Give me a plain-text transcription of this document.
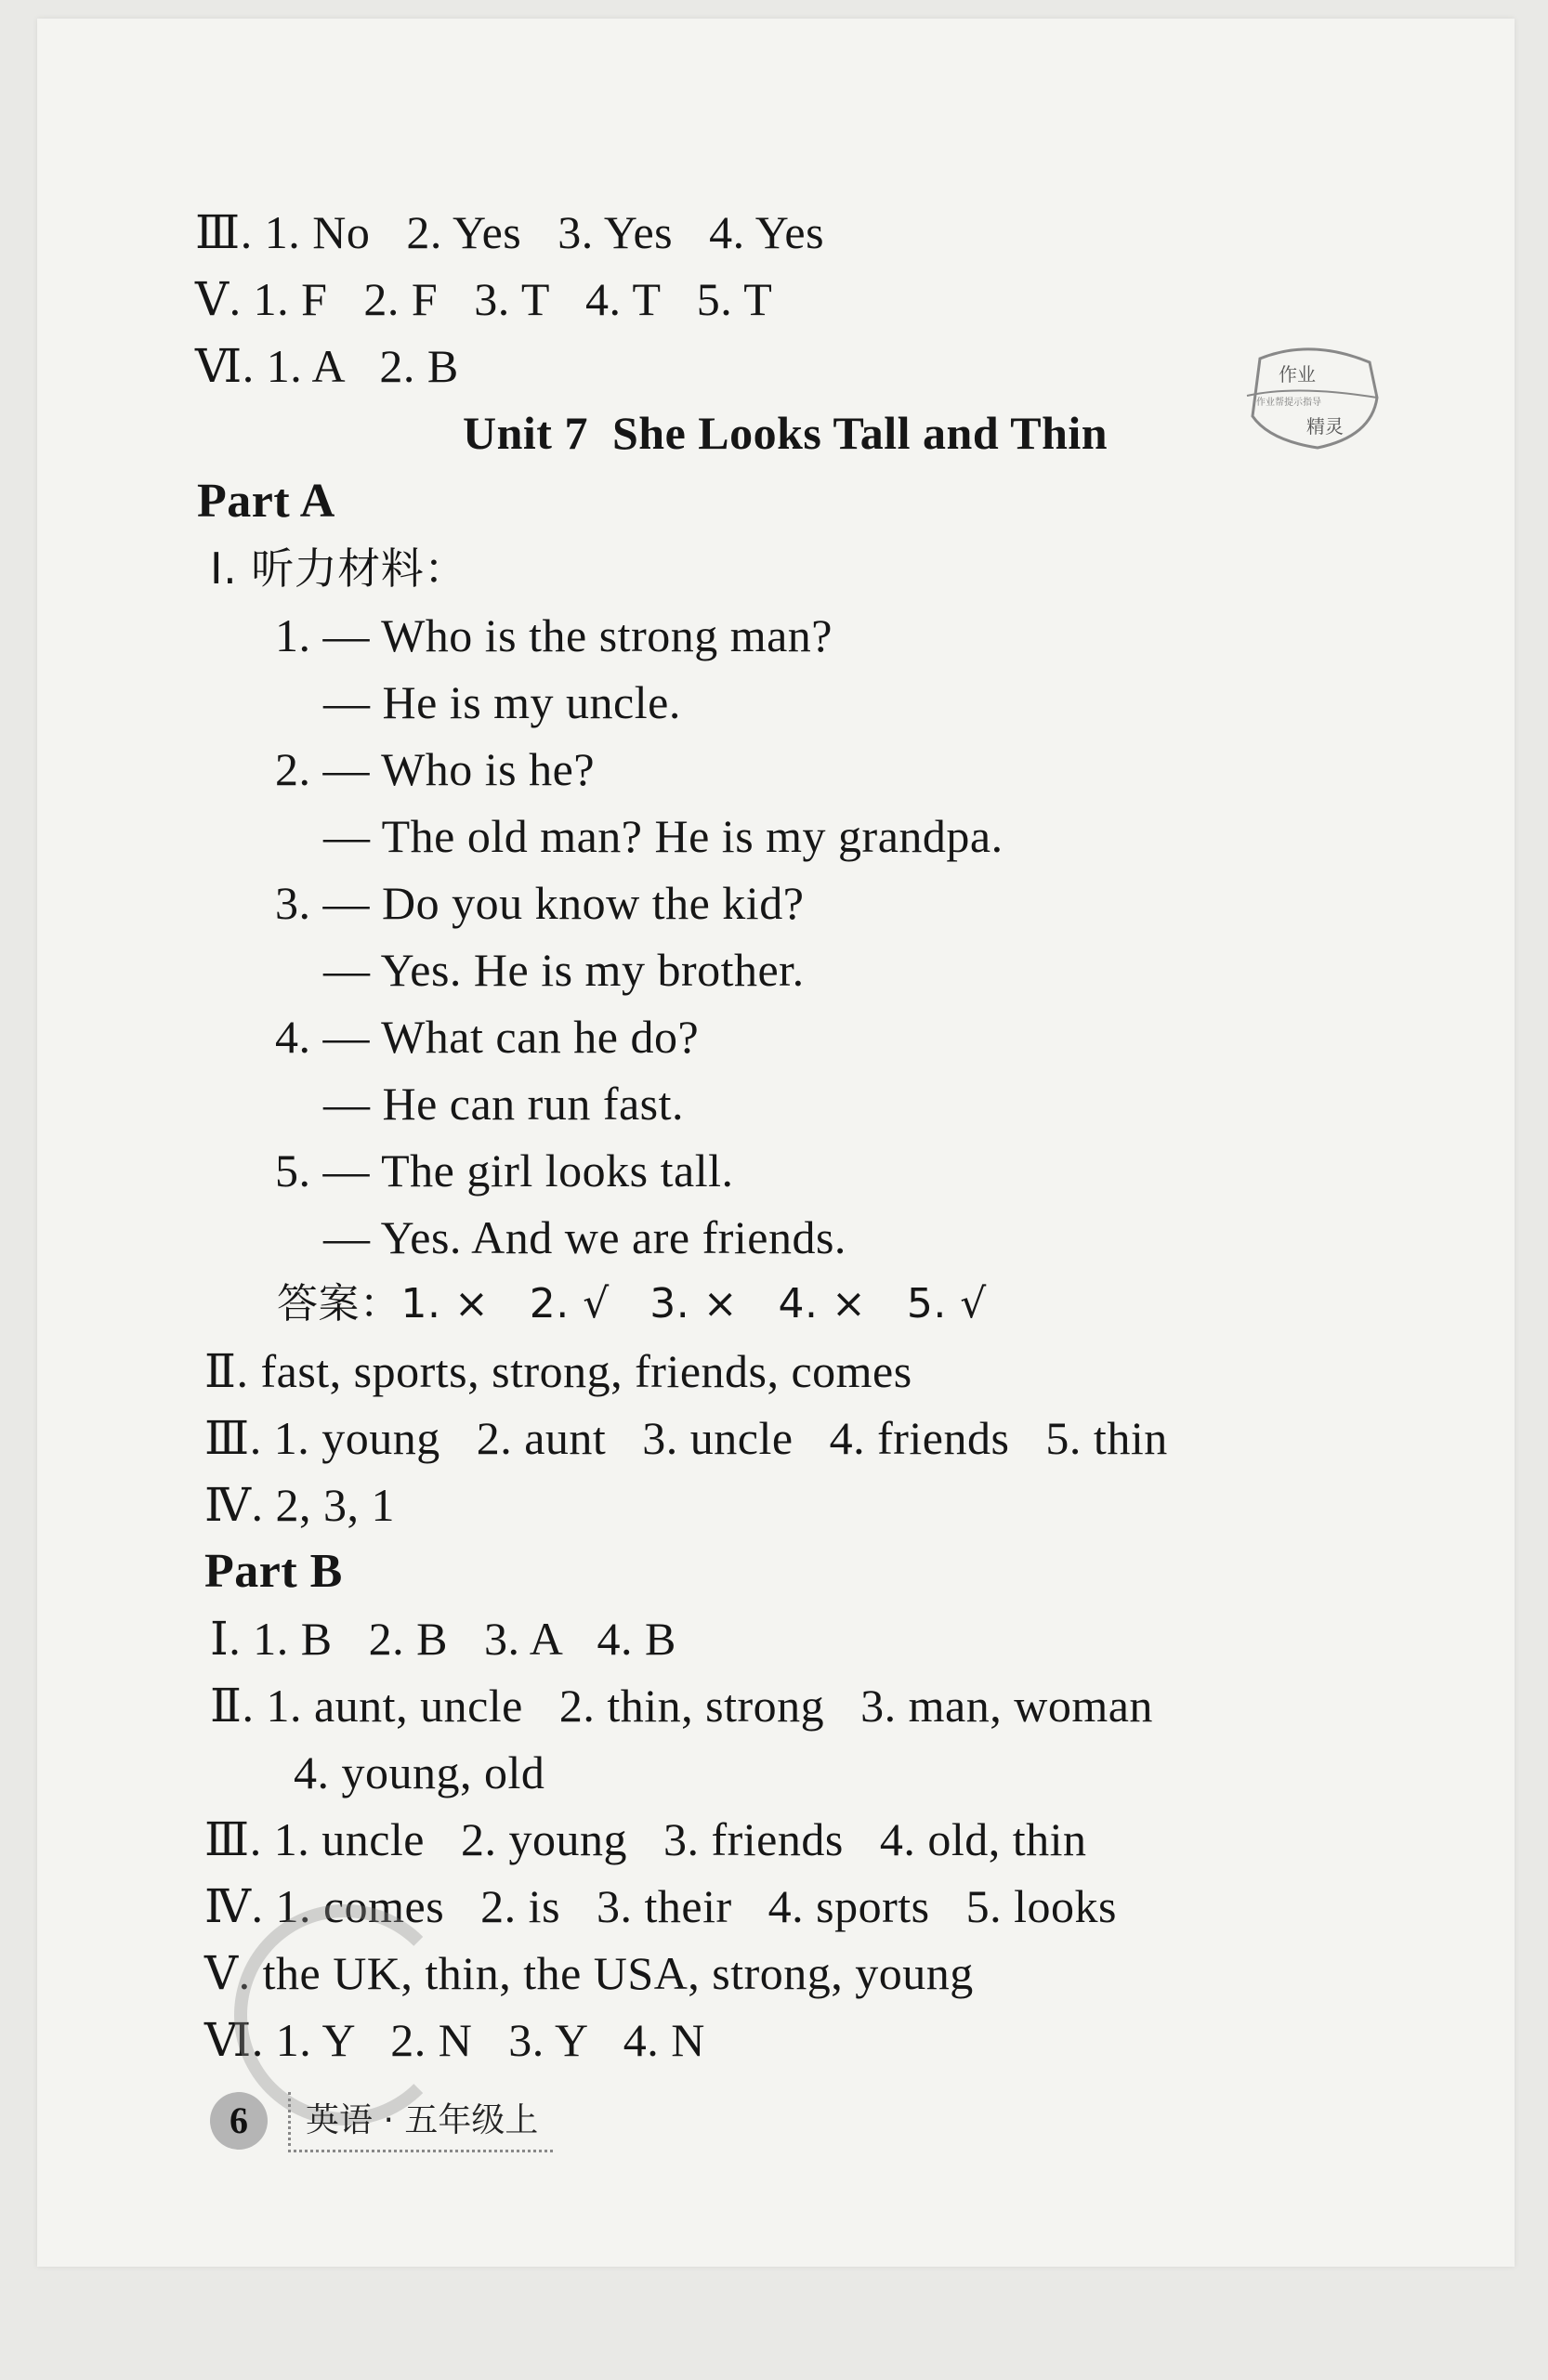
Ⅲ. 1. No   2. Yes   3. Yes   4. Yes
Ⅴ. 1. F   2. F   3. T   4. T   5. T
Ⅵ. 1. A   2. B
Unit 7  She Looks Tall and Thin
作业
作业帮提示指导
精灵
Part A
Ⅰ. 听力材料：
1. — Who is the strong man?
— He is my uncle.
2. — Who is he?
— The old man? He is my grandpa.
3. — Do you know the kid?
— Yes. He is my brother.
4. — What can he do?
— He can run fast.
5. — The girl looks tall.
— Yes. And we are friends.
答案：1. ×   2. √   3. ×   4. ×   5. √
Ⅱ. fast, sports, strong, friends, comes
Ⅲ. 1. young   2. aunt   3. uncle   4. friends   5. thin
Ⅳ. 2, 3, 1
Part B
Ⅰ. 1. B   2. B   3. A   4. B
Ⅱ. 1. aunt, uncle   2. thin, strong   3. man, woman
4. young, old
Ⅲ. 1. uncle   2. young   3. friends   4. old, thin
Ⅳ. 1. comes   2. is   3. their   4. sports   5. looks
Ⅴ. the UK, thin, the USA, strong, young
Ⅵ. 1. Y   2. N   3. Y   4. N
6	英语 · 五年级上
